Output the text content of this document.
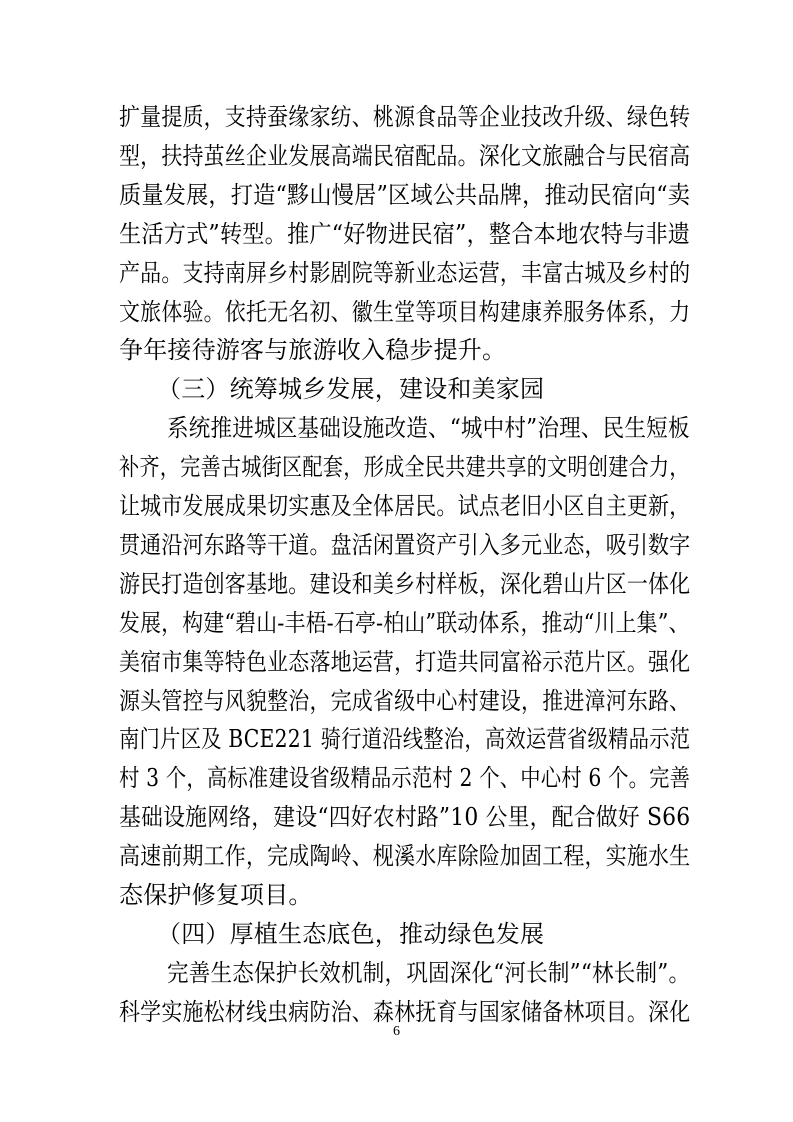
扩量提质，支持蚕缘家纺、桃源食品等企业技改升级、绿色转
型，扶持茧丝企业发展高端民宿配品。深化文旅融合与民宿高
质量发展，打造“黟山慢居”区域公共品牌，推动民宿向“卖
生活方式”转型。推广“好物进民宿”，整合本地农特与非遗
产品。支持南屏乡村影剧院等新业态运营，丰富古城及乡村的
文旅体验。依托无名初、徽生堂等项目构建康养服务体系，力
争年接待游客与旅游收入稳步提升。
（三）统筹城乡发展，建设和美家园
系统推进城区基础设施改造、“城中村”治理、民生短板
补齐，完善古城街区配套，形成全民共建共享的文明创建合力，
让城市发展成果切实惠及全体居民。试点老旧小区自主更新，
贯通沿河东路等干道。盘活闲置资产引入多元业态，吸引数字
游民打造创客基地。建设和美乡村样板，深化碧山片区一体化
发展，构建“碧山-丰梧-石亭-柏山”联动体系，推动“川上集”、
美宿市集等特色业态落地运营，打造共同富裕示范片区。强化
源头管控与风貌整治，完成省级中心村建设，推进漳河东路、
南门片区及 BCE221 骑行道沿线整治，高效运营省级精品示范
村 3 个，高标准建设省级精品示范村 2 个、中心村 6 个。完善
基础设施网络，建设“四好农村路”10 公里，配合做好 S66
高速前期工作，完成陶岭、枧溪水库除险加固工程，实施水生
态保护修复项目。
（四）厚植生态底色，推动绿色发展
完善生态保护长效机制，巩固深化“河长制”“林长制”。
科学实施松材线虫病防治、森林抚育与国家储备林项目。深化
6
